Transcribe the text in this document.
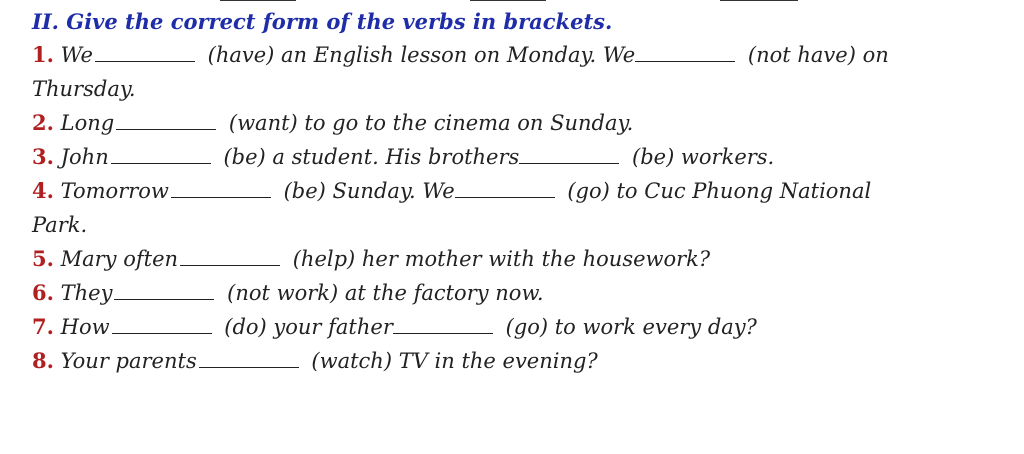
II. Give the correct form of the verbs in brackets.

1. We	(have) an English lesson on Monday. We	(not have) on
Thursday.
2. Long	(want) to go to the cinema on Sunday.
3. John	(be) a student. His brothers	(be) workers.
4. Tomorrow	(be) Sunday. We	(go) to Cuc Phuong National
Park.
5. Mary often	(help) her mother with the housework?
6. They	(not work) at the factory now.
7. How	(do) your father	(go) to work every day?
8. Your parents	(watch) TV in the evening?
